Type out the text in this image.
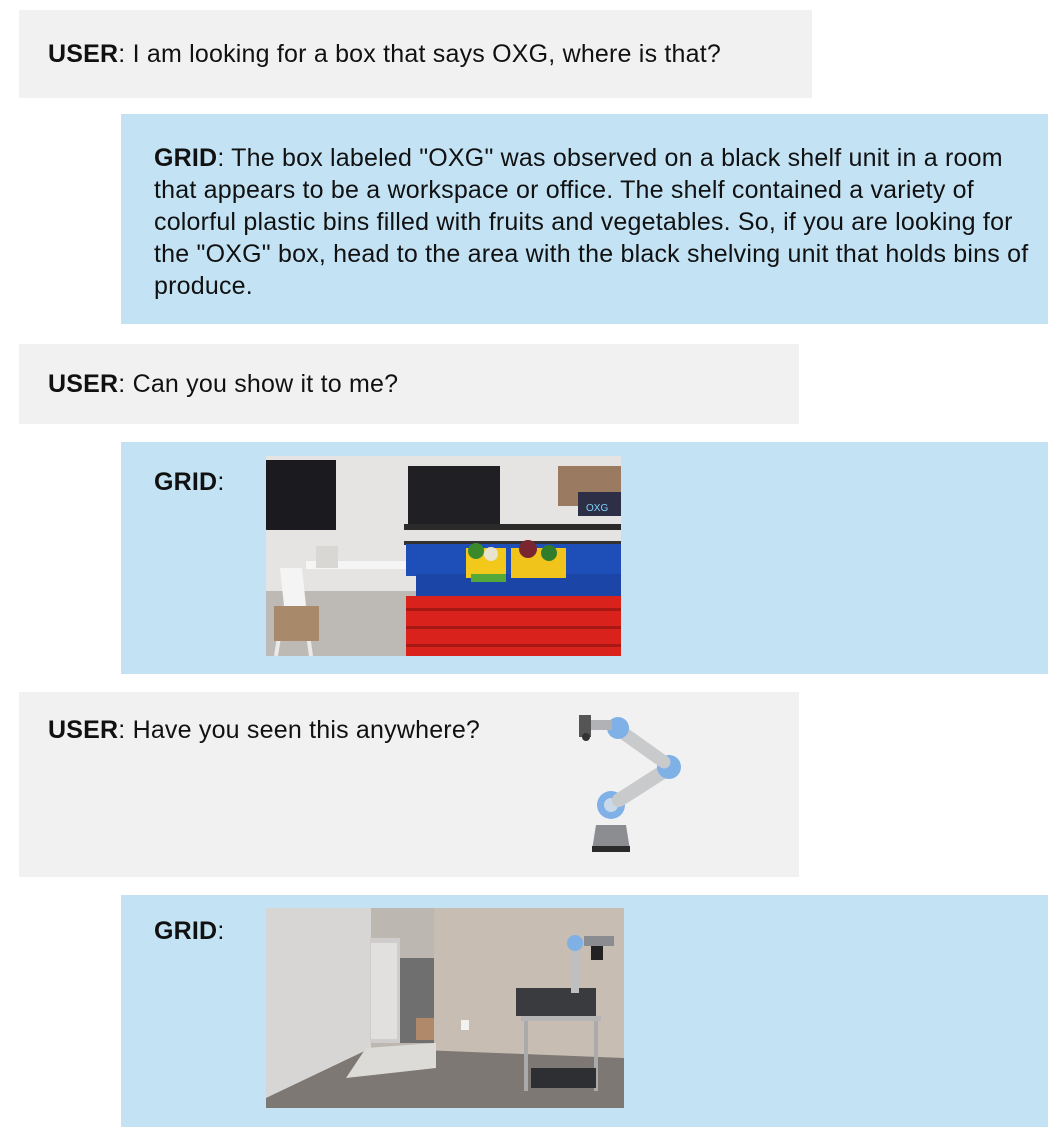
USER: I am looking for a box that says OXG, where is that?
GRID: The box labeled "OXG" was observed on a black shelf unit in a room that appears to be a workspace or office. The shelf contained a variety of colorful plastic bins filled with fruits and vegetables. So, if you are looking for the "OXG" box, head to the area with the black shelving unit that holds bins of produce.
USER: Can you show it to me?
GRID:
OXG
USER: Have you seen this anywhere?
GRID:
